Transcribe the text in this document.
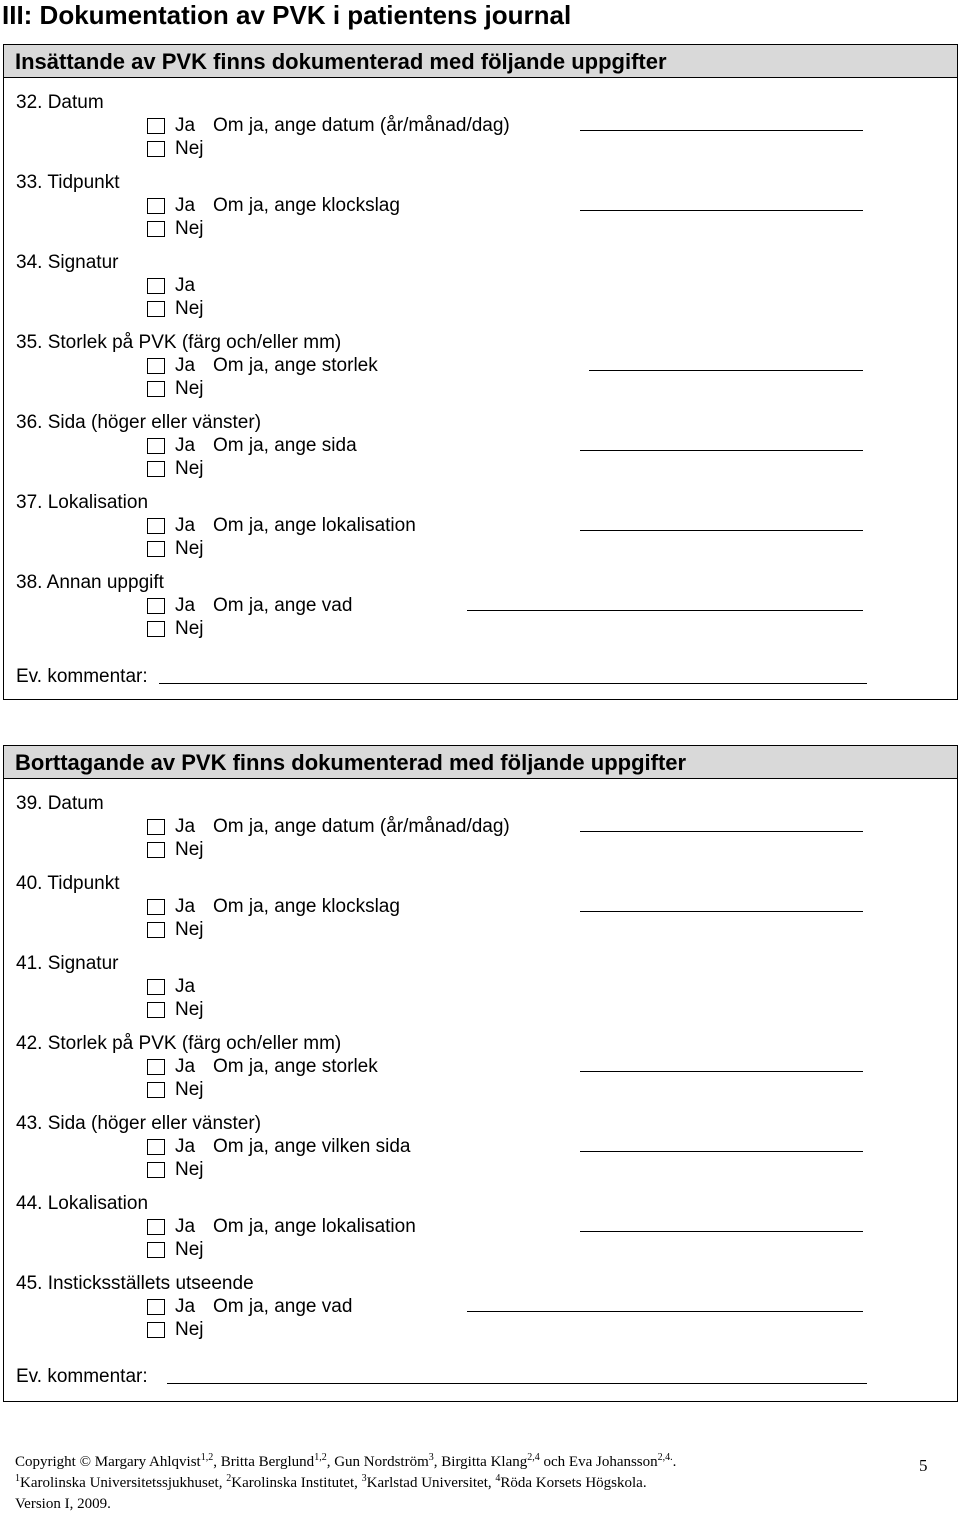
III: Dokumentation av PVK i patientens journal
Insättande av PVK finns dokumenterad med följande uppgifter
32. Datum
Ja Om ja, ange datum (år/månad/dag)
Nej
33. Tidpunkt
Ja Om ja, ange klockslag
Nej
34. Signatur
Ja
Nej
35. Storlek på PVK (färg och/eller mm)
Ja Om ja, ange storlek
Nej
36. Sida (höger eller vänster)
Ja Om ja, ange sida
Nej
37. Lokalisation
Ja Om ja, ange lokalisation
Nej
38. Annan uppgift
Ja Om ja, ange vad
Nej
Ev. kommentar:
Borttagande av PVK finns dokumenterad med följande uppgifter
39. Datum
Ja Om ja, ange datum (år/månad/dag)
Nej
40. Tidpunkt
Ja Om ja, ange klockslag
Nej
41. Signatur
Ja
Nej
42. Storlek på PVK (färg och/eller mm)
Ja Om ja, ange storlek
Nej
43. Sida (höger eller vänster)
Ja Om ja, ange vilken sida
Nej
44. Lokalisation
Ja Om ja, ange lokalisation
Nej
45. Insticksställets utseende
Ja Om ja, ange vad
Nej
Ev. kommentar:
Copyright © Margary Ahlqvist$^{1,2}$, Britta Berglund$^{1,2}$, Gun Nordström$^3$, Birgitta Klang$^{2,4}$ och Eva Johansson$^{2,4.}$.
$^1$Karolinska Universitetssjukhuset, $^2$Karolinska Institutet, $^3$Karlstad Universitet, $^4$Röda Korsets Högskola.
Version I, 2009.
5
